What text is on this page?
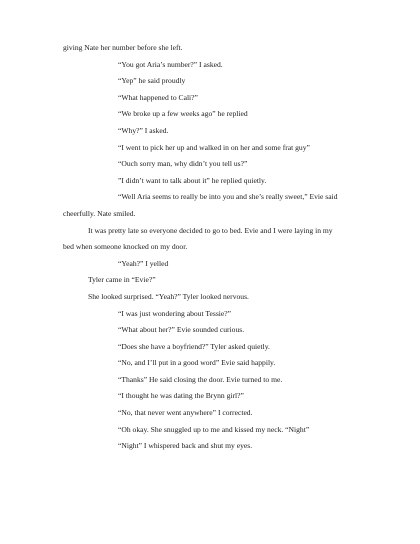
giving Nate her number before she left.
“You got Aria’s number?” I asked.
“Yep” he said proudly
“What happened to Cali?”
“We broke up a few weeks ago” he replied
“Why?” I asked.
“I went to pick her up and walked in on her and some frat guy”
“Ouch sorry man, why didn’t you tell us?”
”I didn’t want to talk about it” he replied quietly.
“Well Aria seems to really be into you and she’s really sweet,” Evie said
cheerfully. Nate smiled.
It was pretty late so everyone decided to go to bed. Evie and I were laying in my
bed when someone knocked on my door.
“Yeah?” I yelled
Tyler came in “Evie?”
She looked surprised. “Yeah?” Tyler looked nervous.
“I was just wondering about Tessie?”
“What about her?” Evie sounded curious.
“Does she have a boyfriend?” Tyler asked quietly.
“No, and I’ll put in a good word” Evie said happily.
“Thanks” He said closing the door. Evie turned to me.
“I thought he was dating the Brynn girl?”
“No, that never went anywhere” I corrected.
“Oh okay. She snuggled up to me and kissed my neck. “Night”
“Night” I whispered back and shut my eyes.
